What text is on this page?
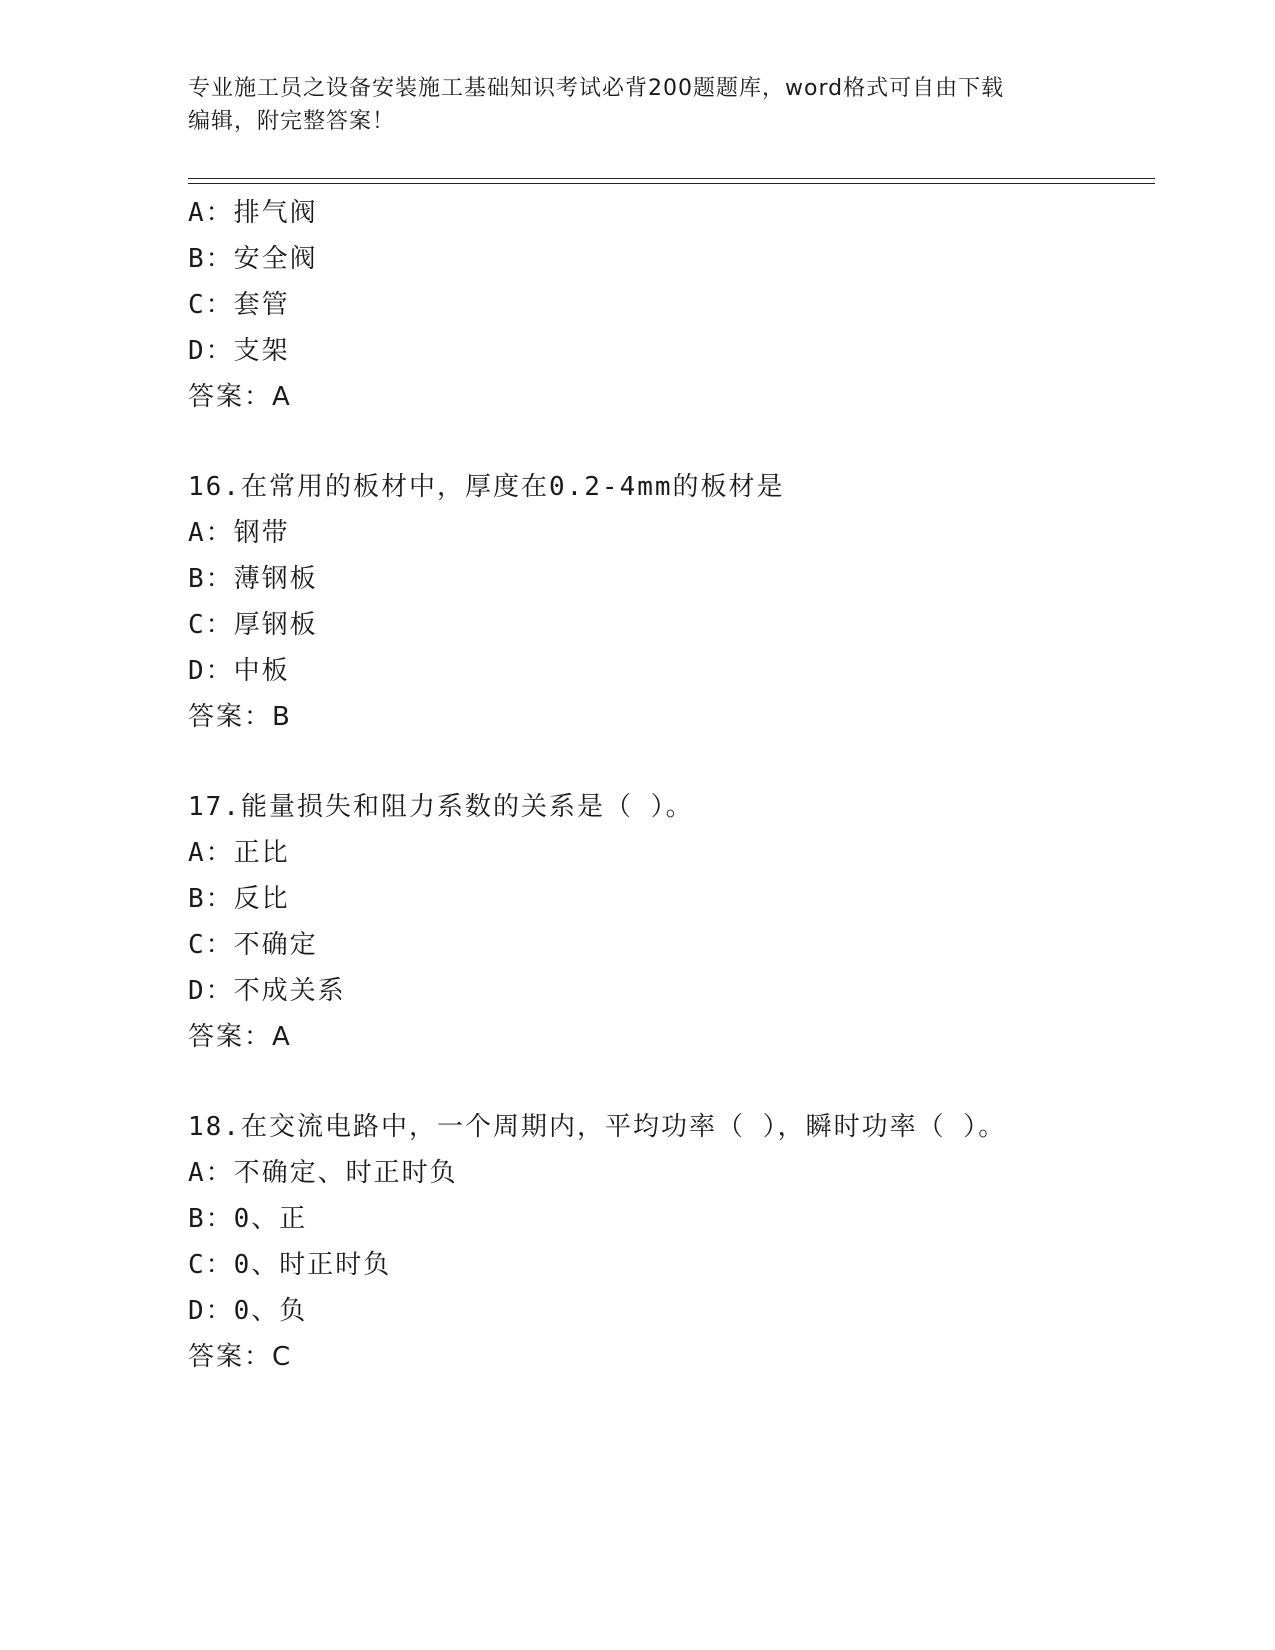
专业施工员之设备安装施工基础知识考试必背200题题库，word格式可自由下载
编辑，附完整答案！
A：排气阀
B：安全阀
C：套管
D：支架
答案：A
16.在常用的板材中，厚度在0.2-4mm的板材是
A：钢带
B：薄钢板
C：厚钢板
D：中板
答案：B
17.能量损失和阻力系数的关系是（ ）。
A：正比
B：反比
C：不确定
D：不成关系
答案：A
18.在交流电路中，一个周期内，平均功率（ ），瞬时功率（ ）。
A：不确定、时正时负
B：0、正
C：0、时正时负
D：0、负
答案：C
